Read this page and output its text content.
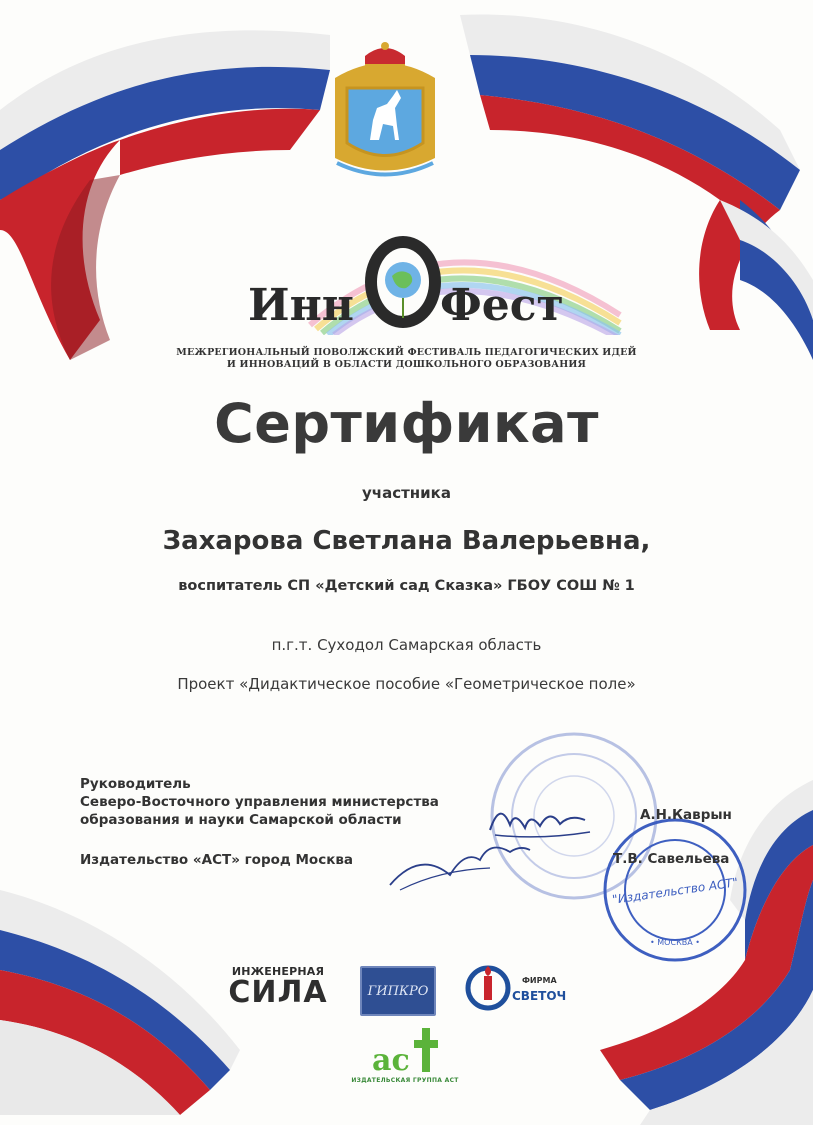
Инн Фест
МЕЖРЕГИОНАЛЬНЫЙ ПОВОЛЖСКИЙ ФЕСТИВАЛЬ ПЕДАГОГИЧЕСКИХ ИДЕЙ
И ИННОВАЦИЙ В ОБЛАСТИ ДОШКОЛЬНОГО ОБРАЗОВАНИЯ
Сертификат
участника
Захарова Светлана Валерьевна,
воспитатель СП «Детский сад Сказка» ГБОУ СОШ № 1
п.г.т. Суходол Самарская область
Проект «Дидактическое пособие «Геометрическое поле»
"Издательство АСТ"
• МОСКВА •
Руководитель
Северо-Восточного управления министерства
образования и науки Самарской области	А.Н.Каврын
Издательство «АСТ» город Москва	Т.В. Савельева
ИНЖЕНЕРНАЯ
СИЛА	ГИПКРО
ФИРМА
СВЕТОЧ
aс
ИЗДАТЕЛЬСКАЯ ГРУППА АСТ
